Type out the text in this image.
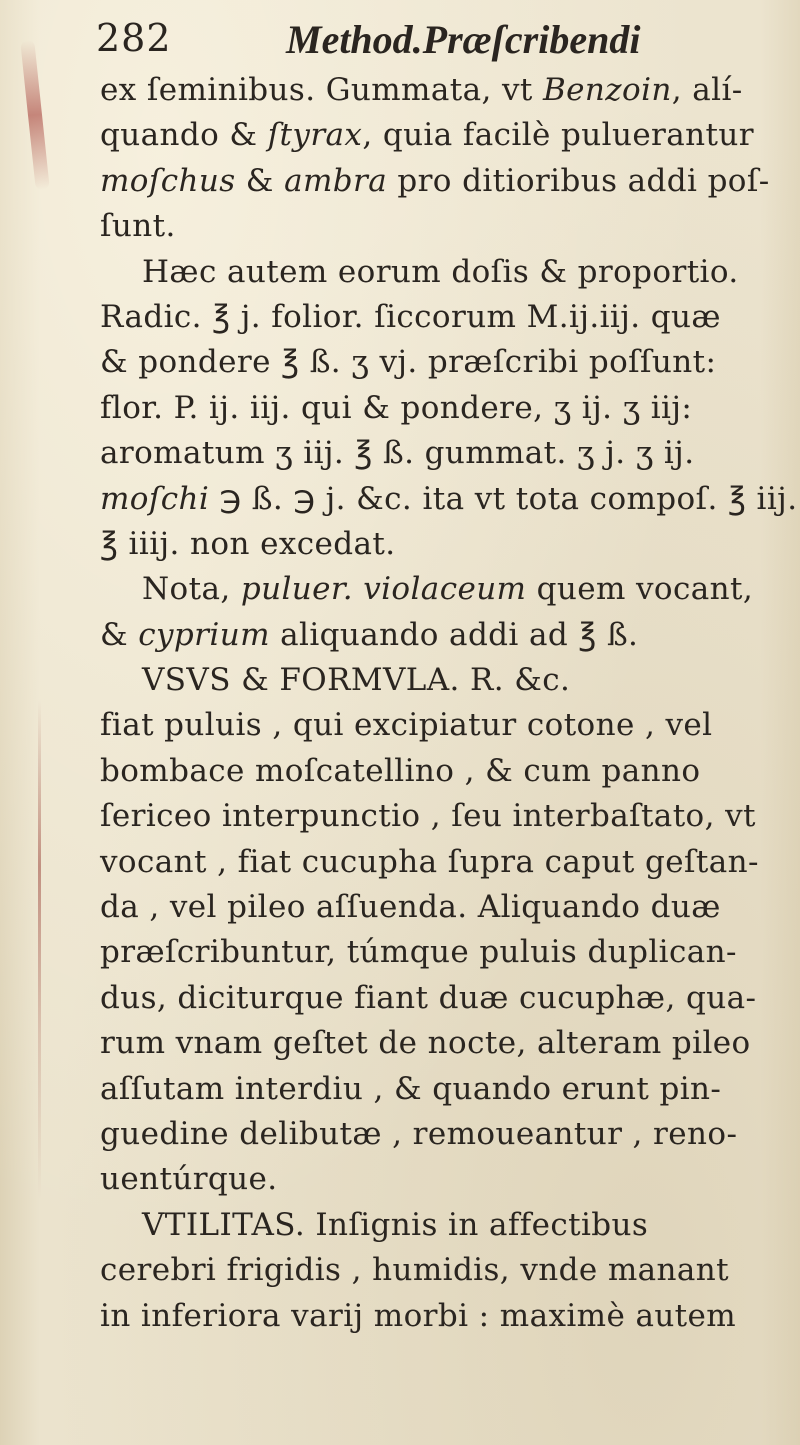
282	Method.Præſcribendi
ex ſeminibus. Gummata, vt Benzoin, alí-
quando & ſtyrax, quia facilè puluerantur
moſchus & ambra pro ditioribus addi poſ-
ſunt.
Hæc autem eorum doſis & proportio.
Radic. ℥ j. folior. ſiccorum M.ij.iij. quæ
& pondere ℥ ß. ʒ vj. præſcribi poſſunt:
flor. P. ij. iij. qui & pondere, ʒ ij. ʒ iij:
aromatum ʒ iij. ℥ ß. gummat. ʒ j. ʒ ij.
moſchi ℈ ß. ℈ j. &c. ita vt tota compoſ. ℥ iij.
℥ iiij. non excedat.
Nota, puluer. violaceum quem vocant,
& cyprium aliquando addi ad ℥ ß.
VSVS & FORMVLA. R. &c.
fiat puluis , qui excipiatur cotone , vel
bombace moſcatellino , & cum panno
ſericeo interpunctio , ſeu interbaſtato, vt
vocant , fiat cucupha ſupra caput geſtan-
da , vel pileo aſſuenda. Aliquando duæ
præſcribuntur, túmque puluis duplican-
dus, diciturque fiant duæ cucuphæ, qua-
rum vnam geſtet de nocte, alteram pileo
aſſutam interdiu , & quando erunt pin-
guedine delibutæ , remoueantur , reno-
uentúrque.
VTILITAS. Inſignis in affectibus
cerebri frigidis , humidis, vnde manant
in inferiora varij morbi : maximè autem
